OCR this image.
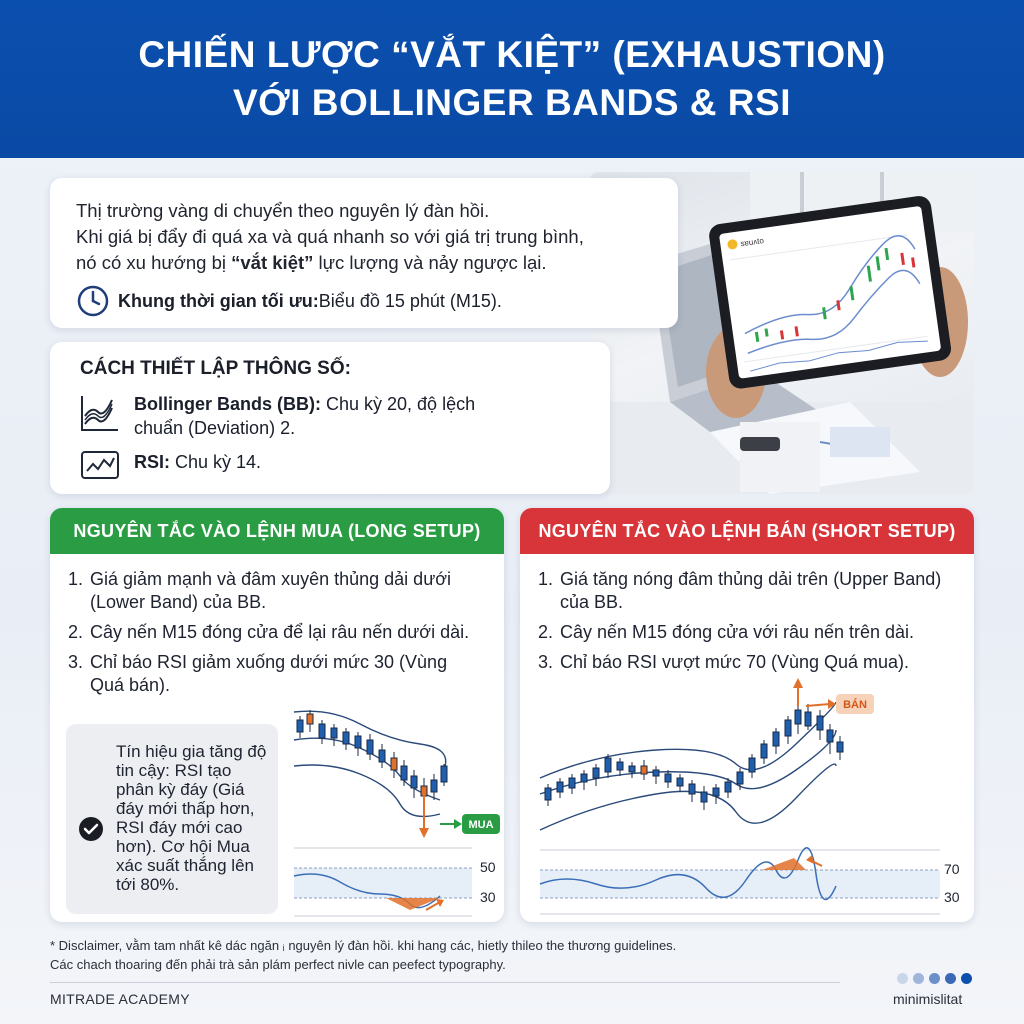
CHIẾN LƯỢC “VẮT KIỆT” (EXHAUSTION)
VỚI BOLLINGER BANDS & RSI
sɐuʌto

Thị trường vàng di chuyển theo nguyên lý đàn hồi.
Khi giá bị đẩy đi quá xa và quá nhanh so với giá trị trung bình,
nó có xu hướng bị “vắt kiệt” lực lượng và nảy ngược lại.

Khung thời gian tối ưu: Biểu đồ 15 phút (M15).
CÁCH THIẾT LẬP THÔNG SỐ:
Bollinger Bands (BB): Chu kỳ 20, độ lệch
chuẩn (Deviation) 2.
RSI: Chu kỳ 14.
NGUYÊN TẮC VÀO LỆNH MUA (LONG SETUP)
1. Giá giảm mạnh và đâm xuyên thủng dải dưới (Lower Band) của BB.
2. Cây nến M15 đóng cửa để lại râu nến dưới dài.
3. Chỉ báo RSI giảm xuống dưới mức 30 (Vùng Quá bán).
Tín hiệu gia tăng độ tin cậy: RSI tạo phân kỳ đáy (Giá đáy mới thấp hơn, RSI đáy mới cao hơn). Cơ hội Mua xác suất thắng lên tới 80%.
MUA
50
30
NGUYÊN TẮC VÀO LỆNH BÁN (SHORT SETUP)
1. Giá tăng nóng đâm thủng dải trên (Upper Band) của BB.
2. Cây nến M15 đóng cửa với râu nến trên dài.
3. Chỉ báo RSI vượt mức 70 (Vùng Quá mua).
BÁN
70
30
* Disclaimer, vằm tam nhất kê dác ngăn ᵢ nguyên lý đàn hồi. khi hang các, hietly thileo the thương guidelines.
Các chach thoaring đến phải trà sản plám perfect nivle can peefect typography.
MITRADE ACADEMY	minimislitat
